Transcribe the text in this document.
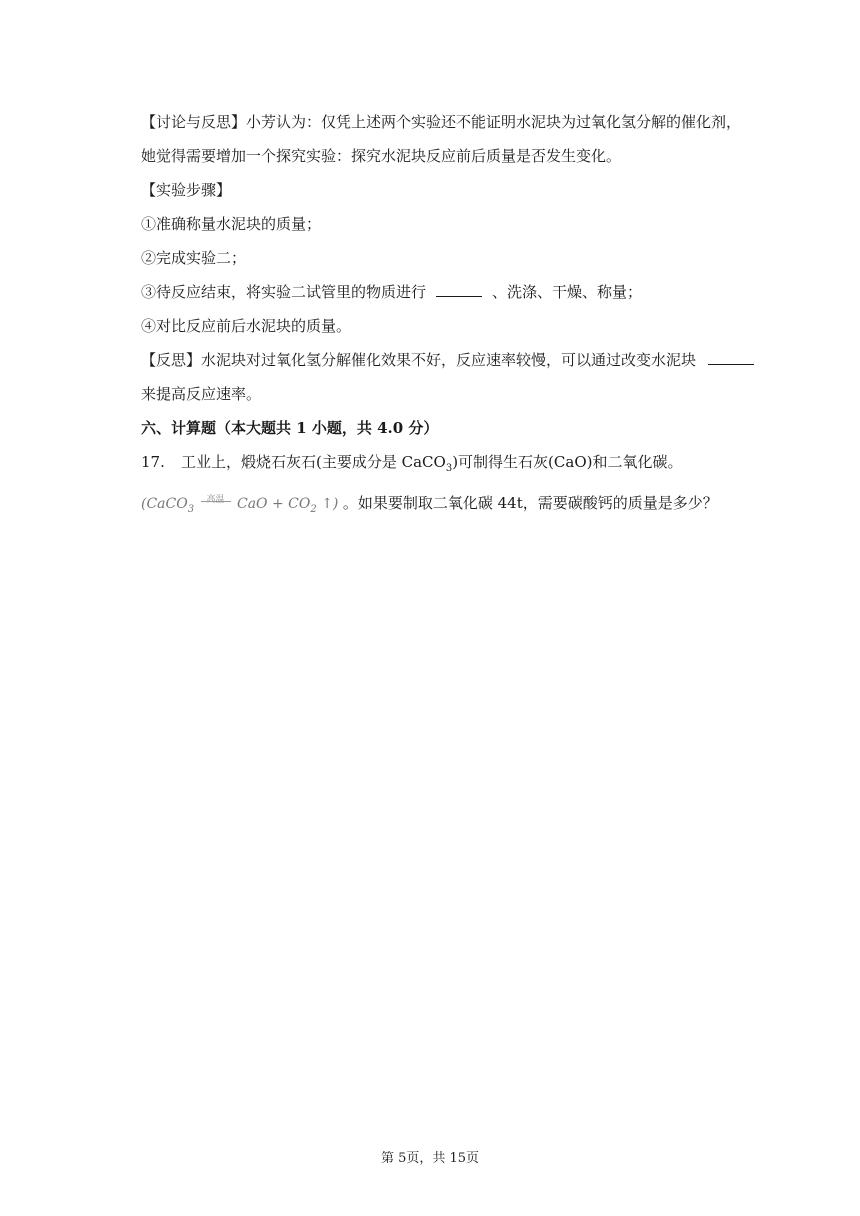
【讨论与反思】小芳认为：仅凭上述两个实验还不能证明水泥块为过氧化氢分解的催化剂，
她觉得需要增加一个探究实验：探究水泥块反应前后质量是否发生变化。
【实验步骤】
①准确称量水泥块的质量；
②完成实验二；
③待反应结束，将实验二试管里的物质进行	、洗涤、干燥、称量；
④对比反应前后水泥块的质量。
【反思】水泥块对过氧化氢分解催化效果不好，反应速率较慢，可以通过改变水泥块
来提高反应速率。
六、计算题（本大题共 1 小题，共 4.0 分）
17. 工业上，煅烧石灰石(主要成分是 CaCO$_3$)可制得生石灰(CaO)和二氧化碳。
(CaCO$_3$ 高温 CaO + $CO_2$ ↑) 。如果要制取二氧化碳 44t，需要碳酸钙的质量是多少？
第 5页，共 15页
